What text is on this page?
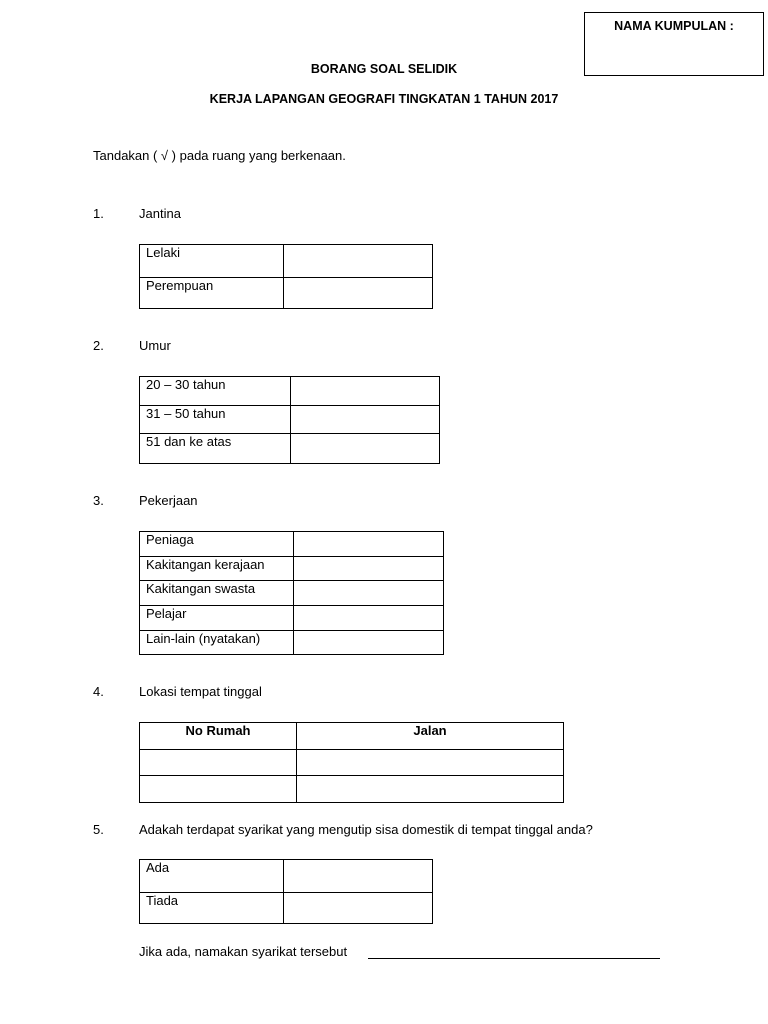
NAMA KUMPULAN :
BORANG SOAL SELIDIK
KERJA LAPANGAN GEOGRAFI TINGKATAN 1 TAHUN 2017
Tandakan ( √ ) pada ruang yang berkenaan.
1.	Jantina
Lelaki	
Perempuan	
2.	Umur
20 – 30 tahun	
31 – 50 tahun	
51 dan ke atas	
3.	Pekerjaan
Peniaga	
Kakitangan kerajaan	
Kakitangan swasta	
Pelajar	
Lain-lain (nyatakan)	
4.	Lokasi tempat tinggal
No Rumah	Jalan

5.	Adakah terdapat syarikat yang mengutip sisa domestik di tempat tinggal anda?
Ada	
Tiada	
Jika ada, namakan syarikat tersebut
